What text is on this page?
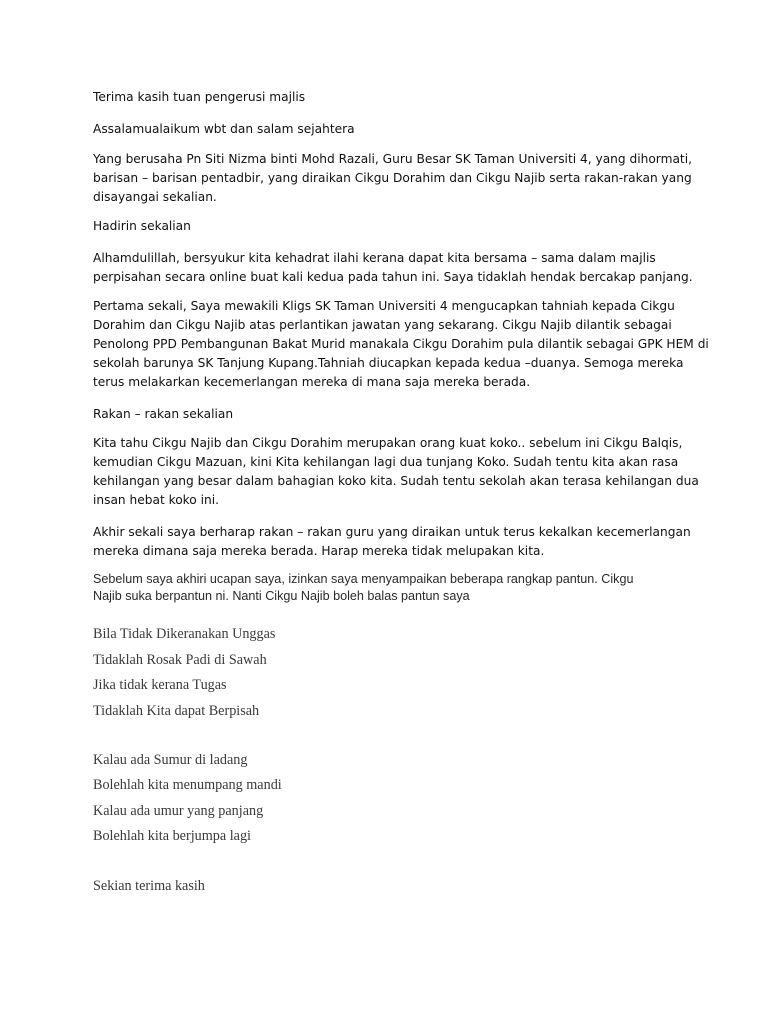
Terima kasih tuan pengerusi majlis

Assalamualaikum wbt dan salam sejahtera

Yang berusaha Pn Siti Nizma binti Mohd Razali, Guru Besar SK Taman Universiti 4, yang dihormati,
barisan – barisan pentadbir, yang diraikan Cikgu Dorahim dan Cikgu Najib serta rakan-rakan yang
disayangai sekalian.

Hadirin sekalian

Alhamdulillah, bersyukur kita kehadrat ilahi kerana dapat kita bersama – sama dalam majlis
perpisahan secara online buat kali kedua pada tahun ini. Saya tidaklah hendak bercakap panjang.
Pertama sekali, Saya mewakili Kligs SK Taman Universiti 4 mengucapkan tahniah kepada Cikgu
Dorahim dan Cikgu Najib atas perlantikan jawatan yang sekarang. Cikgu Najib dilantik sebagai
Penolong PPD Pembangunan Bakat Murid manakala Cikgu Dorahim pula dilantik sebagai GPK HEM di
sekolah barunya SK Tanjung Kupang.Tahniah diucapkan kepada kedua –duanya. Semoga mereka
terus melakarkan kecemerlangan mereka di mana saja mereka berada.

Rakan – rakan sekalian

Kita tahu Cikgu Najib dan Cikgu Dorahim merupakan orang kuat koko.. sebelum ini Cikgu Balqis,
kemudian Cikgu Mazuan, kini Kita kehilangan lagi dua tunjang Koko. Sudah tentu kita akan rasa
kehilangan yang besar dalam bahagian koko kita. Sudah tentu sekolah akan terasa kehilangan dua
insan hebat koko ini.
Akhir sekali saya berharap rakan – rakan guru yang diraikan untuk terus kekalkan kecemerlangan
mereka dimana saja mereka berada. Harap mereka tidak melupakan kita.
Sebelum saya akhiri ucapan saya, izinkan saya menyampaikan beberapa rangkap pantun. Cikgu
Najib suka berpantun ni. Nanti Cikgu Najib boleh balas pantun saya

Bila Tidak Dikeranakan Unggas

Tidaklah Rosak Padi di Sawah

Jika tidak kerana Tugas

Tidaklah Kita dapat Berpisah

Kalau ada Sumur di ladang

Bolehlah kita menumpang mandi

Kalau ada umur yang panjang

Bolehlah kita berjumpa lagi

Sekian terima kasih
